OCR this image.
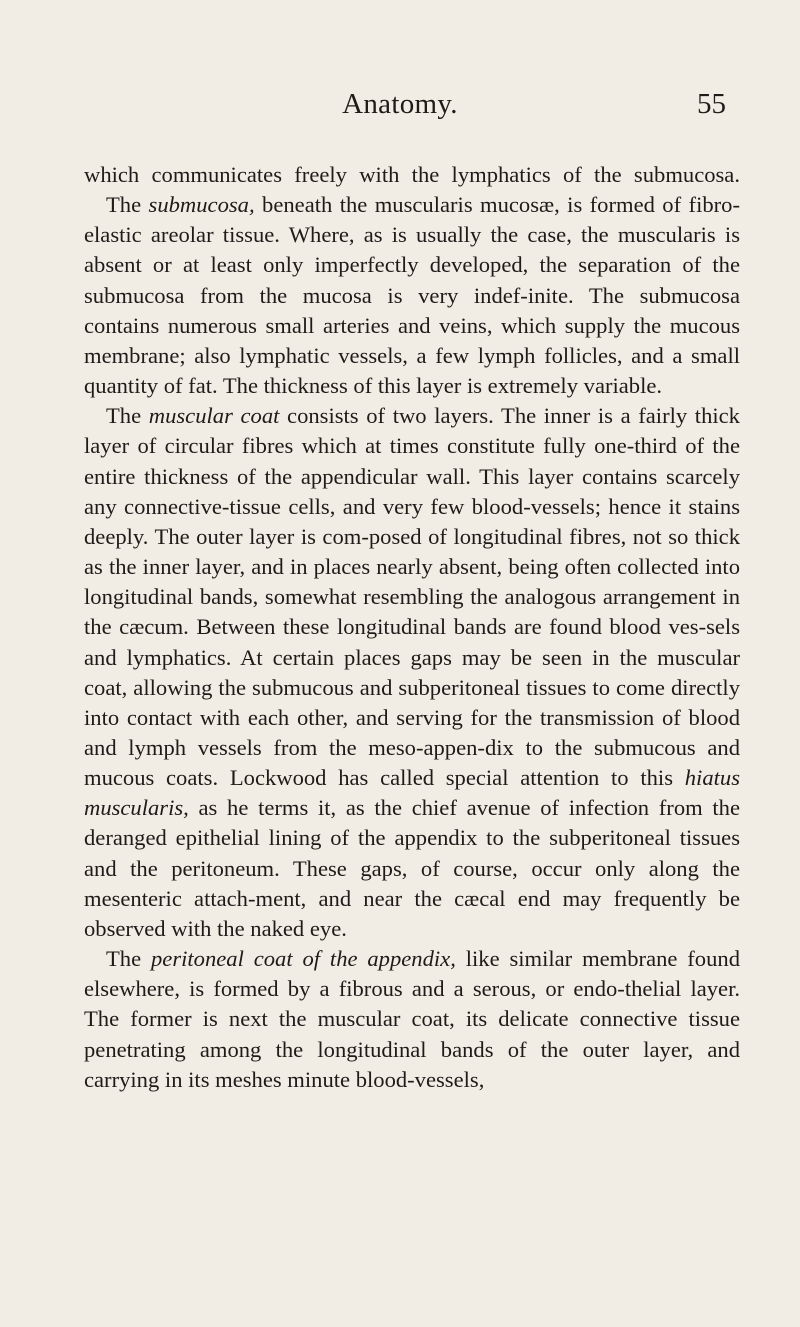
Anatomy.	55

which communicates freely with the lymphatics of the submucosa.

The submucosa, beneath the muscularis mucosæ, is formed of fibro-elastic areolar tissue. Where, as is usually the case, the muscularis is absent or at least only imperfectly developed, the separation of the submucosa from the mucosa is very indef-inite. The submucosa contains numerous small arteries and veins, which supply the mucous membrane; also lymphatic vessels, a few lymph follicles, and a small quantity of fat. The thickness of this layer is extremely variable.

The muscular coat consists of two layers. The inner is a fairly thick layer of circular fibres which at times constitute fully one-third of the entire thickness of the appendicular wall. This layer contains scarcely any connective-tissue cells, and very few blood-vessels; hence it stains deeply. The outer layer is com-posed of longitudinal fibres, not so thick as the inner layer, and in places nearly absent, being often collected into longitudinal bands, somewhat resembling the analogous arrangement in the cæcum. Between these longitudinal bands are found blood ves-sels and lymphatics. At certain places gaps may be seen in the muscular coat, allowing the submucous and subperitoneal tissues to come directly into contact with each other, and serving for the transmission of blood and lymph vessels from the meso-appen-dix to the submucous and mucous coats. Lockwood has called special attention to this hiatus muscularis, as he terms it, as the chief avenue of infection from the deranged epithelial lining of the appendix to the subperitoneal tissues and the peritoneum. These gaps, of course, occur only along the mesenteric attach-ment, and near the cæcal end may frequently be observed with the naked eye.

The peritoneal coat of the appendix, like similar membrane found elsewhere, is formed by a fibrous and a serous, or endo-thelial layer. The former is next the muscular coat, its delicate connective tissue penetrating among the longitudinal bands of the outer layer, and carrying in its meshes minute blood-vessels,
